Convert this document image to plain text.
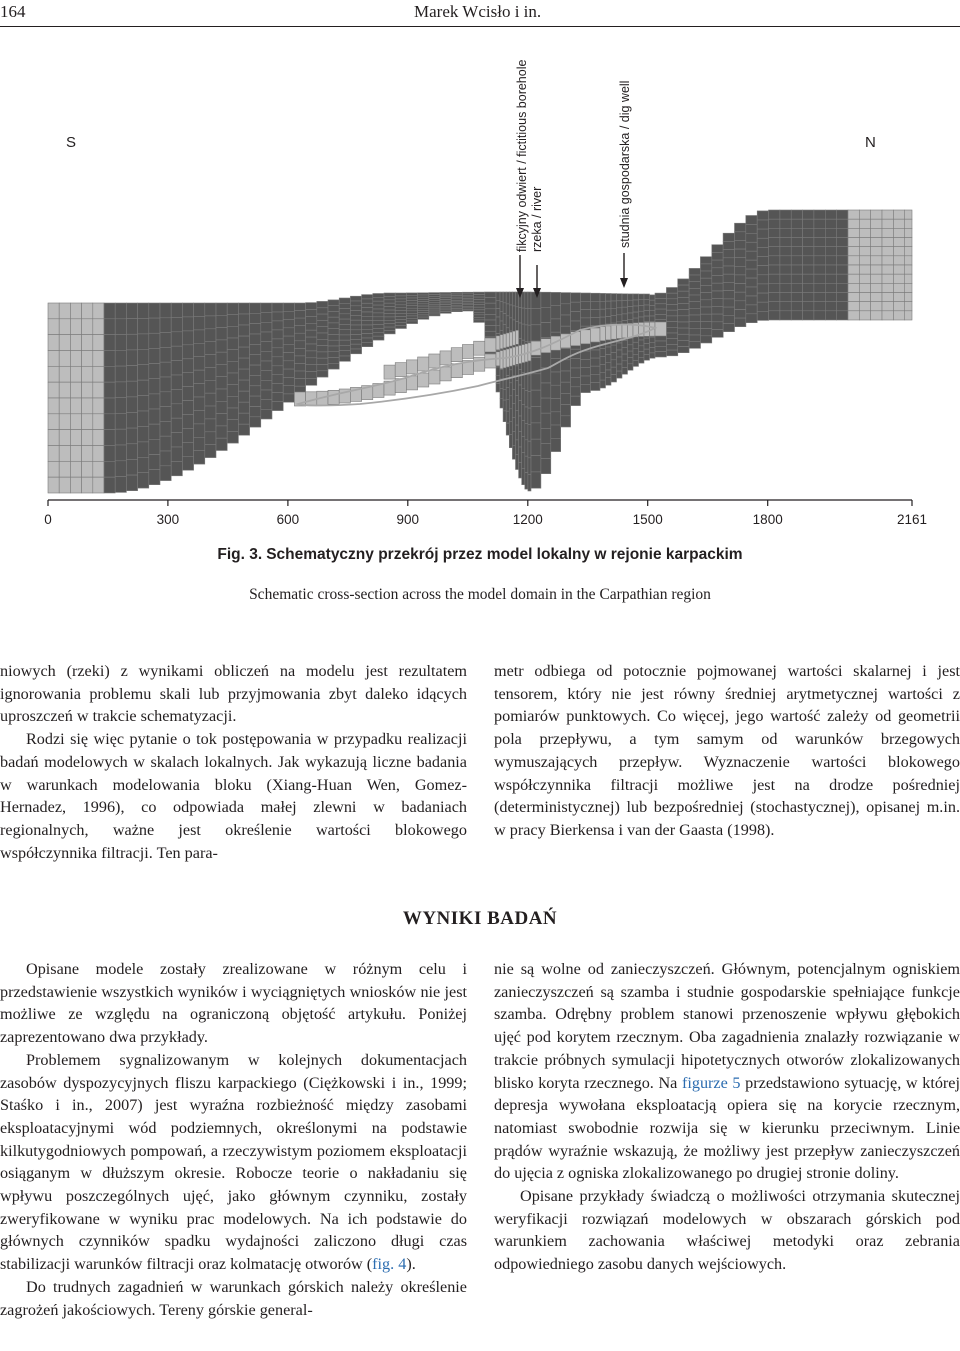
164	Marek Wcisło i in.
S	N
fikcyjny odwiert / fictitious borehole rzeka / river	studnia gospodarska / dig well
0	300	600	900	1200	1500	1800	2161
Fig. 3. Schematyczny przekrój przez model lokalny w rejonie karpackim
Schematic cross-section across the model domain in the Carpathian region

niowych (rzeki) z wynikami obliczeń na modelu jest rezultatem ignorowania problemu skali lub przyjmowania zbyt daleko idących uproszczeń w trakcie schematyzacji.

Rodzi się więc pytanie o tok postępowania w przypadku realizacji badań modelowych w skalach lokalnych. Jak wykazują liczne badania w warunkach modelowania bloku (Xiang-Huan Wen, Gomez-Hernadez, 1996), co odpowiada małej zlewni w badaniach regionalnych, ważne jest określenie wartości blokowego współczynnika filtracji. Ten para-

metr odbiega od potocznie pojmowanej wartości skalarnej i jest tensorem, który nie jest równy średniej arytmetycznej wartości z pomiarów punktowych. Co więcej, jego wartość zależy od geometrii pola przepływu, a tym samym od warunków brzegowych wymuszających przepływ. Wyznaczenie wartości blokowego współczynnika filtracji możliwe jest na drodze pośredniej (deterministycznej) lub bezpośredniej (stochastycznej), opisanej m.in. w pracy Bierkensa i van der Gaasta (1998).

WYNIKI BADAŃ

Opisane modele zostały zrealizowane w różnym celu i przedstawienie wszystkich wyników i wyciągniętych wniosków nie jest możliwe ze względu na ograniczoną objętość artykułu. Poniżej zaprezentowano dwa przykłady.

Problemem sygnalizowanym w kolejnych dokumentacjach zasobów dyspozycyjnych fliszu karpackiego (Ciężkowski i in., 1999; Staśko i in., 2007) jest wyraźna rozbieżność między zasobami eksploatacyjnymi wód podziemnych, określonymi na podstawie kilkutygodniowych pompowań, a rzeczywistym poziomem eksploatacji osiąganym w dłuższym okresie. Robocze teorie o nakładaniu się wpływu poszczególnych ujęć, jako głównym czynniku, zostały zweryfikowane w wyniku prac modelowych. Na ich podstawie do głównych czynników spadku wydajności zaliczono długi czas stabilizacji warunków filtracji oraz kolmatację otworów (fig. 4).

Do trudnych zagadnień w warunkach górskich należy określenie zagrożeń jakościowych. Tereny górskie general-

nie są wolne od zanieczyszczeń. Głównym, potencjalnym ogniskiem zanieczyszczeń są szamba i studnie gospodarskie spełniające funkcje szamba. Odrębny problem stanowi przenoszenie wpływu głębokich ujęć pod korytem rzecznym. Oba zagadnienia znalazły rozwiązanie w trakcie próbnych symulacji hipotetycznych otworów zlokalizowanych blisko koryta rzecznego. Na figurze 5 przedstawiono sytuację, w której depresja wywołana eksploatacją opiera się na korycie rzecznym, natomiast swobodnie rozwija się w kierunku przeciwnym. Linie prądów wyraźnie wskazują, że możliwy jest przepływ zanieczyszczeń do ujęcia z ogniska zlokalizowanego po drugiej stronie doliny.

Opisane przykłady świadczą o możliwości otrzymania skutecznej weryfikacji rozwiązań modelowych w obszarach górskich pod warunkiem zachowania właściwej metodyki oraz zebrania odpowiedniego zasobu danych wejściowych.
